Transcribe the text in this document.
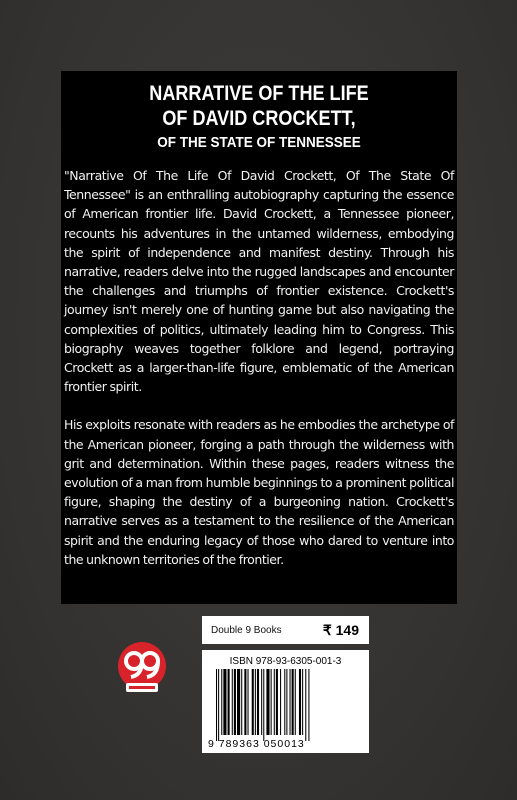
NARRATIVE OF THE LIFE
OF DAVID CROCKETT,
OF THE STATE OF TENNESSEE

"Narrative Of The Life Of David Crockett, Of The State Of Tennessee" is an enthralling autobiography capturing the essence of American frontier life. David Crockett, a Tennessee pioneer, recounts his adventures in the untamed wilderness, embodying the spirit of independence and manifest destiny. Through his narrative, readers delve into the rugged landscapes and encounter the challenges and triumphs of frontier existence. Crockett's journey isn't merely one of hunting game but also navigating the complexities of politics, ultimately leading him to Congress. This biography weaves together folklore and legend, portraying Crockett as a larger-than-life figure, emblematic of the American frontier spirit.

His exploits resonate with readers as he embodies the archetype of the American pioneer, forging a path through the wilderness with grit and determination. Within these pages, readers witness the evolution of a man from humble beginnings to a prominent political figure, shaping the destiny of a burgeoning nation. Crockett's narrative serves as a testament to the resilience of the American spirit and the enduring legacy of those who dared to venture into the unknown territories of the frontier.

Double 9 Books	₹ 149
ISBN 978-93-6305-001-3
9 789363 050013
